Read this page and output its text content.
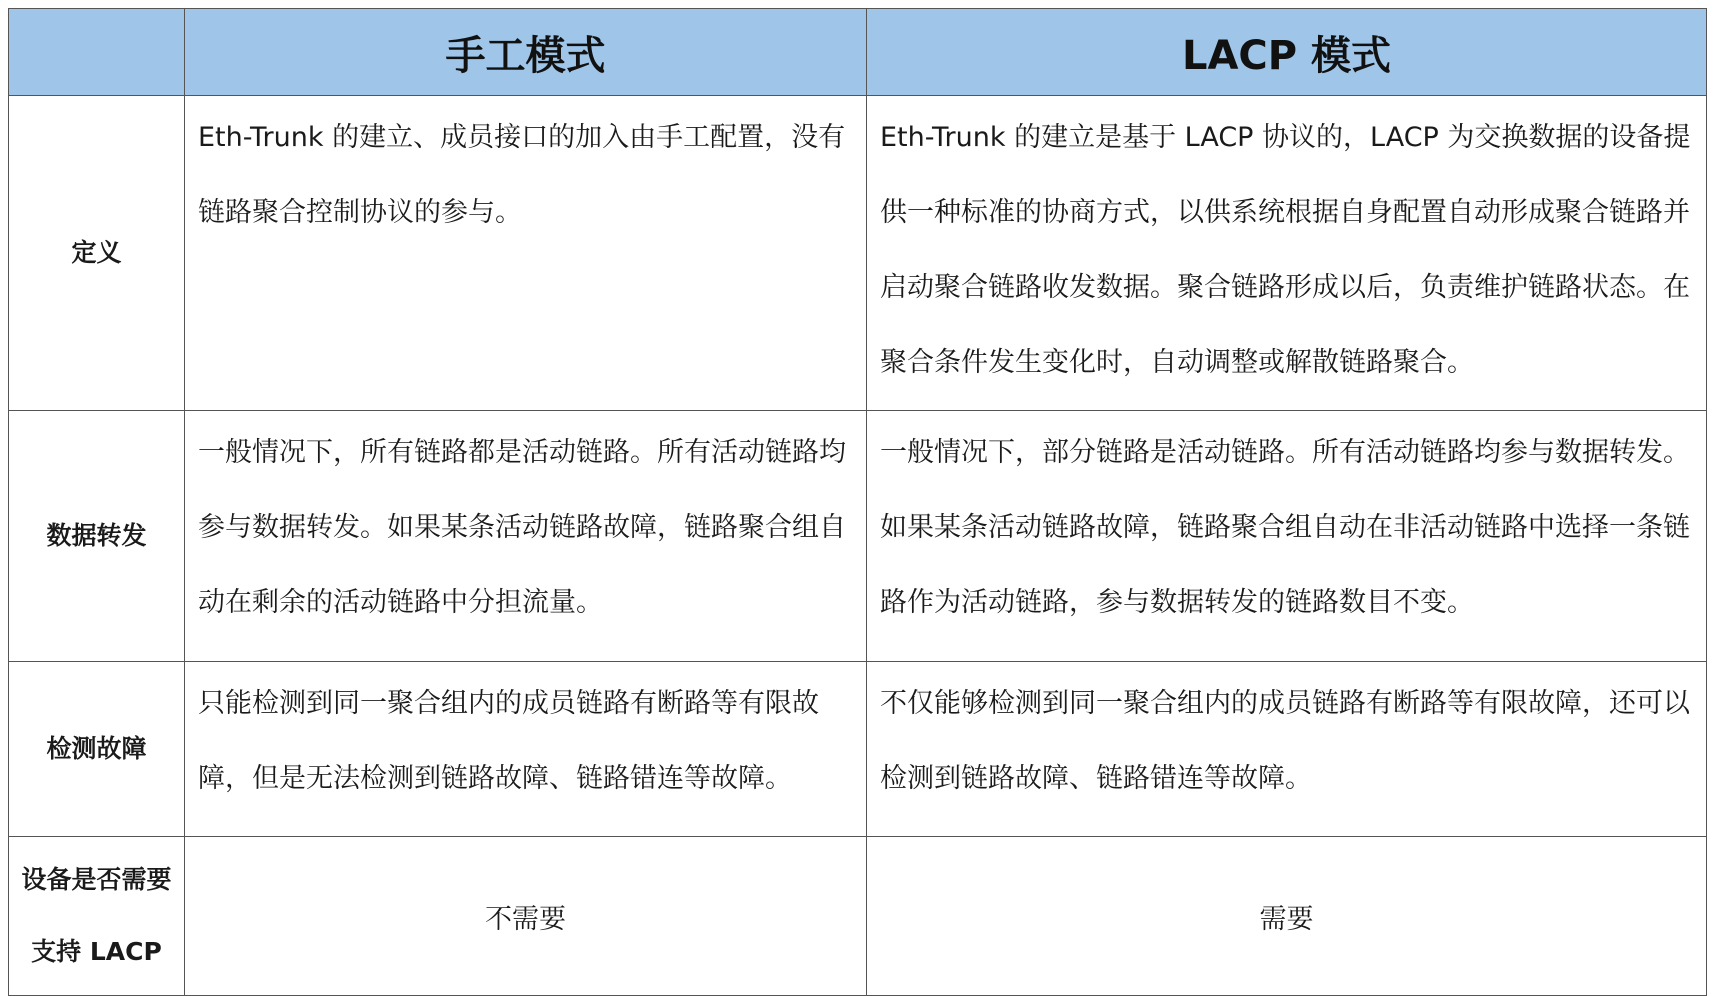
	手工模式	LACP 模式
定义	Eth-Trunk 的建立、成员接口的加入由手工配置，没有链路聚合控制协议的参与。	Eth-Trunk 的建立是基于 LACP 协议的，LACP 为交换数据的设备提供一种标准的协商方式，以供系统根据自身配置自动形成聚合链路并启动聚合链路收发数据。聚合链路形成以后，负责维护链路状态。在聚合条件发生变化时，自动调整或解散链路聚合。
数据转发	一般情况下，所有链路都是活动链路。所有活动链路均参与数据转发。如果某条活动链路故障，链路聚合组自动在剩余的活动链路中分担流量。	一般情况下，部分链路是活动链路。所有活动链路均参与数据转发。如果某条活动链路故障，链路聚合组自动在非活动链路中选择一条链路作为活动链路，参与数据转发的链路数目不变。
检测故障	只能检测到同一聚合组内的成员链路有断路等有限故障，但是无法检测到链路故障、链路错连等故障。	不仅能够检测到同一聚合组内的成员链路有断路等有限故障，还可以检测到链路故障、链路错连等故障。
设备是否需要支持 LACP	不需要	需要
